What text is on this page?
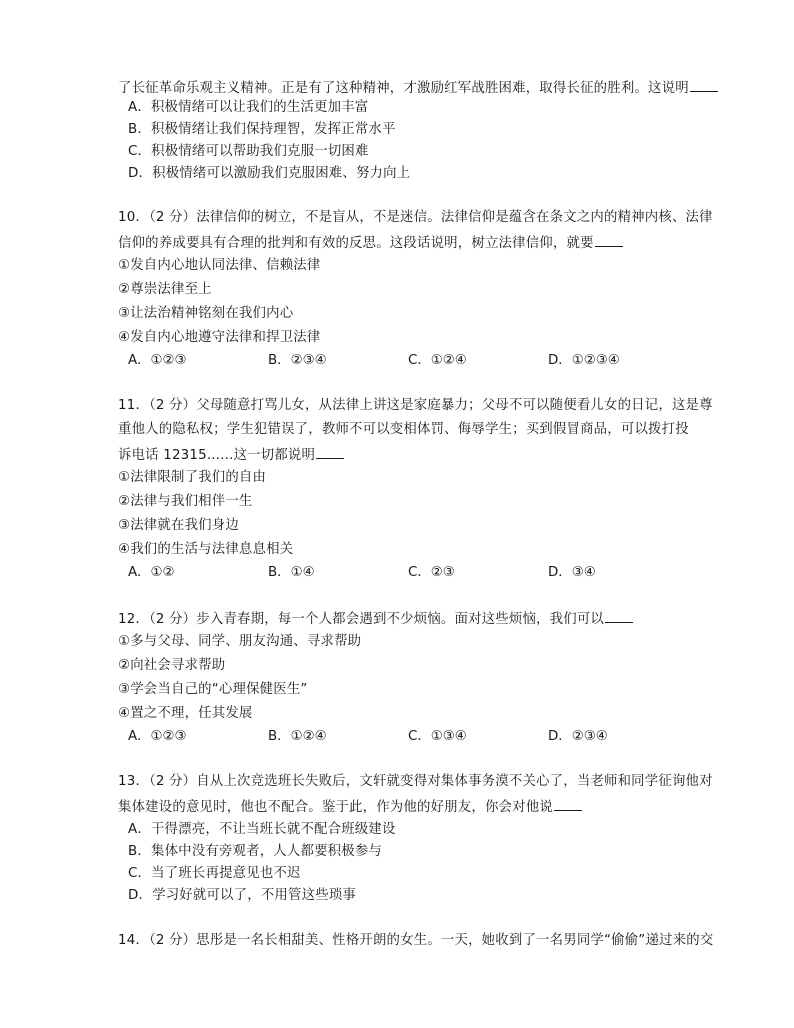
了长征革命乐观主义精神。正是有了这种精神，才激励红军战胜困难，取得长征的胜利。这说明
A．积极情绪可以让我们的生活更加丰富
B．积极情绪让我们保持理智，发挥正常水平
C．积极情绪可以帮助我们克服一切困难
D．积极情绪可以激励我们克服困难、努力向上
10．（2 分）法律信仰的树立，不是盲从，不是迷信。法律信仰是蕴含在条文之内的精神内核、法律
信仰的养成要具有合理的批判和有效的反思。这段话说明，树立法律信仰，就要
①发自内心地认同法律、信赖法律
②尊崇法律至上
③让法治精神铭刻在我们内心
④发自内心地遵守法律和捍卫法律
A．①②③	B．②③④	C．①②④	D．①②③④
11．（2 分）父母随意打骂儿女，从法律上讲这是家庭暴力；父母不可以随便看儿女的日记，这是尊
重他人的隐私权；学生犯错误了，教师不可以变相体罚、侮辱学生；买到假冒商品，可以拨打投
诉电话 12315......这一切都说明
①法律限制了我们的自由
②法律与我们相伴一生
③法律就在我们身边
④我们的生活与法律息息相关
A．①②	B．①④	C．②③	D．③④
12．（2 分）步入青春期，每一个人都会遇到不少烦恼。面对这些烦恼，我们可以
①多与父母、同学、朋友沟通、寻求帮助
②向社会寻求帮助
③学会当自己的“心理保健医生”
④置之不理，任其发展
A．①②③	B．①②④	C．①③④	D．②③④
13．（2 分）自从上次竞选班长失败后，文轩就变得对集体事务漠不关心了，当老师和同学征询他对
集体建设的意见时，他也不配合。鉴于此，作为他的好朋友，你会对他说
A．干得漂亮，不让当班长就不配合班级建设
B．集体中没有旁观者，人人都要积极参与
C．当了班长再提意见也不迟
D．学习好就可以了，不用管这些琐事
14．（2 分）思彤是一名长相甜美、性格开朗的女生。一天，她收到了一名男同学“偷偷”递过来的交
